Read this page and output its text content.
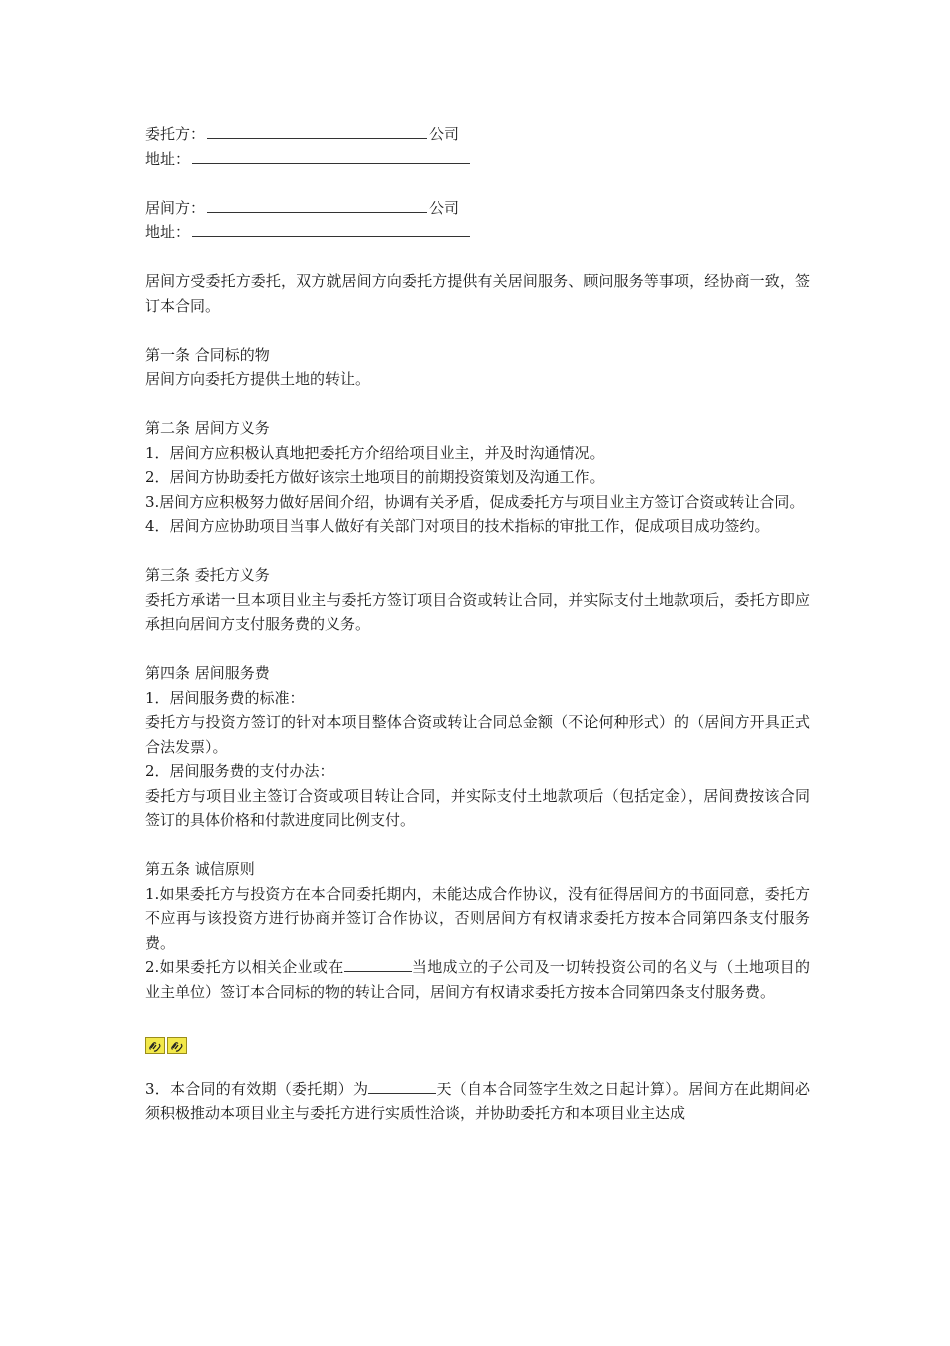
委托方：	公司
地址：
居间方：	公司
地址：
居间方受委托方委托，双方就居间方向委托方提供有关居间服务、顾问服务等事项，经协商一致，签订本合同。
第一条 合同标的物
居间方向委托方提供土地的转让。
第二条 居间方义务
1．居间方应积极认真地把委托方介绍给项目业主，并及时沟通情况。
2．居间方协助委托方做好该宗土地项目的前期投资策划及沟通工作。
3.居间方应积极努力做好居间介绍，协调有关矛盾，促成委托方与项目业主方签订合资或转让合同。
4．居间方应协助项目当事人做好有关部门对项目的技术指标的审批工作，促成项目成功签约。
第三条 委托方义务
委托方承诺一旦本项目业主与委托方签订项目合资或转让合同，并实际支付土地款项后，委托方即应承担向居间方支付服务费的义务。
第四条 居间服务费
1．居间服务费的标准：
委托方与投资方签订的针对本项目整体合资或转让合同总金额（不论何种形式）的（居间方开具正式合法发票）。
2．居间服务费的支付办法：
委托方与项目业主签订合资或项目转让合同，并实际支付土地款项后（包括定金），居间费按该合同签订的具体价格和付款进度同比例支付。
第五条 诚信原则
1.如果委托方与投资方在本合同委托期内，未能达成合作协议，没有征得居间方的书面同意，委托方不应再与该投资方进行协商并签订合作协议，否则居间方有权请求委托方按本合同第四条支付服务费。
2.如果委托方以相关企业或在	当地成立的子公司及一切转投资公司的名义与（土地项目的业主单位）签订本合同标的物的转让合同，居间方有权请求委托方按本合同第四条支付服务费。
3．本合同的有效期（委托期）为	天（自本合同签字生效之日起计算）。居间方在此期间必须积极推动本项目业主与委托方进行实质性洽谈，并协助委托方和本项目业主达成
